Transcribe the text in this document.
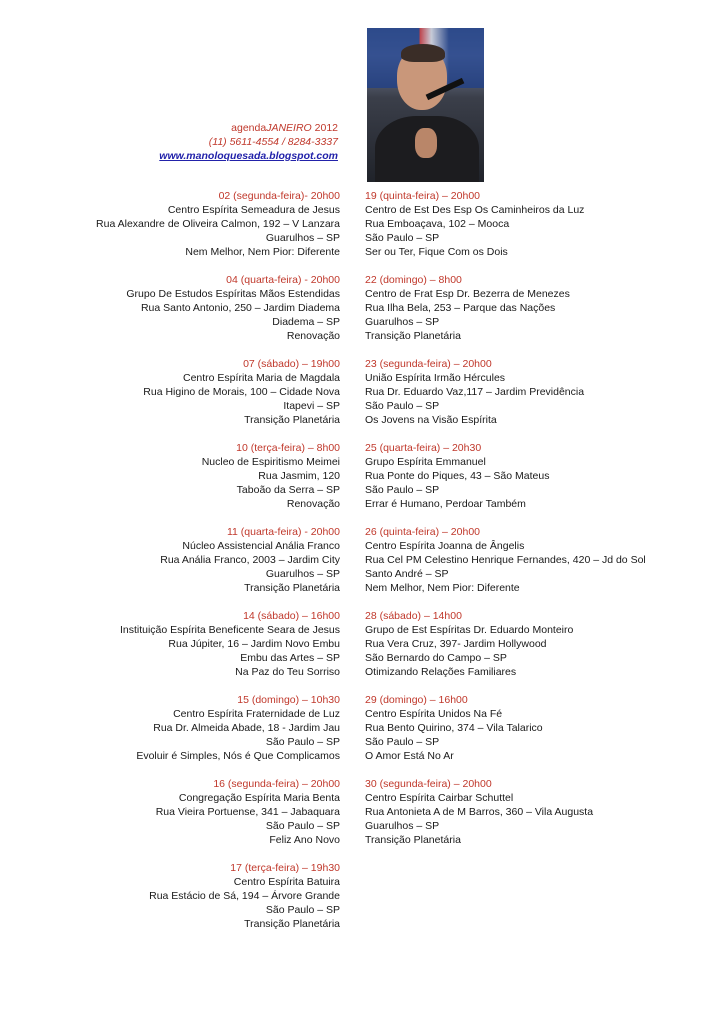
agendaJANEIRO 2012
(11) 5611-4554 / 8284-3337
www.manoloquesada.blogspot.com
02 (segunda-feira)- 20h00
Centro Espírita Semeadura de Jesus
Rua Alexandre de Oliveira Calmon, 192 – V Lanzara
Guarulhos – SP
Nem Melhor, Nem Pior: Diferente
04 (quarta-feira) - 20h00
Grupo De Estudos Espíritas Mãos Estendidas
Rua Santo Antonio, 250 – Jardim Diadema
Diadema – SP
Renovação
07 (sábado) – 19h00
Centro Espírita Maria de Magdala
Rua Higino de Morais, 100 – Cidade Nova
Itapevi – SP
Transição Planetária
10 (terça-feira) – 8h00
Nucleo de Espiritismo Meimei
Rua Jasmim, 120
Taboão da Serra – SP
Renovação
11 (quarta-feira) - 20h00
Núcleo Assistencial Anália Franco
Rua Anália Franco, 2003 – Jardim City
Guarulhos – SP
Transição Planetária
14 (sábado) – 16h00
Instituição Espírita Beneficente Seara de Jesus
Rua Júpiter, 16 – Jardim Novo Embu
Embu das Artes – SP
Na Paz do Teu Sorriso
15 (domingo) – 10h30
Centro Espírita Fraternidade de Luz
Rua Dr. Almeida Abade, 18 - Jardim Jau
São Paulo – SP
Evoluir é Simples, Nós é Que Complicamos
16 (segunda-feira) – 20h00
Congregação Espírita Maria Benta
Rua Vieira Portuense, 341 – Jabaquara
São Paulo – SP
Feliz Ano Novo
17 (terça-feira) – 19h30
Centro Espírita Batuira
Rua Estácio de Sá, 194 – Árvore Grande
São Paulo – SP
Transição Planetária
19 (quinta-feira) – 20h00
Centro de Est Des Esp Os Caminheiros da Luz
Rua Emboaçava, 102 – Mooca
São Paulo – SP
Ser ou Ter, Fique Com os Dois
22 (domingo) – 8h00
Centro de Frat Esp Dr. Bezerra de Menezes
Rua Ilha Bela, 253 – Parque das Nações
Guarulhos – SP
Transição Planetária
23 (segunda-feira) – 20h00
União Espírita Irmão Hércules
Rua Dr. Eduardo Vaz,117 – Jardim Previdência
São Paulo – SP
Os Jovens na Visão Espírita
25 (quarta-feira) – 20h30
Grupo Espírita Emmanuel
Rua Ponte do Piques, 43 – São Mateus
São Paulo – SP
Errar é Humano, Perdoar Também
26 (quinta-feira) – 20h00
Centro Espírita Joanna de Ângelis
Rua Cel PM Celestino Henrique Fernandes, 420 – Jd do Sol
Santo André – SP
Nem Melhor, Nem Pior: Diferente
28 (sábado) – 14h00
Grupo de Est Espíritas Dr. Eduardo Monteiro
Rua Vera Cruz, 397- Jardim Hollywood
São Bernardo do Campo – SP
Otimizando Relações Familiares
29 (domingo) – 16h00
Centro Espírita Unidos Na Fé
Rua Bento Quirino, 374 – Vila Talarico
São Paulo – SP
O Amor Está No Ar
30 (segunda-feira) – 20h00
Centro Espírita Cairbar Schuttel
Rua Antonieta A de M Barros, 360 – Vila Augusta
Guarulhos – SP
Transição Planetária
